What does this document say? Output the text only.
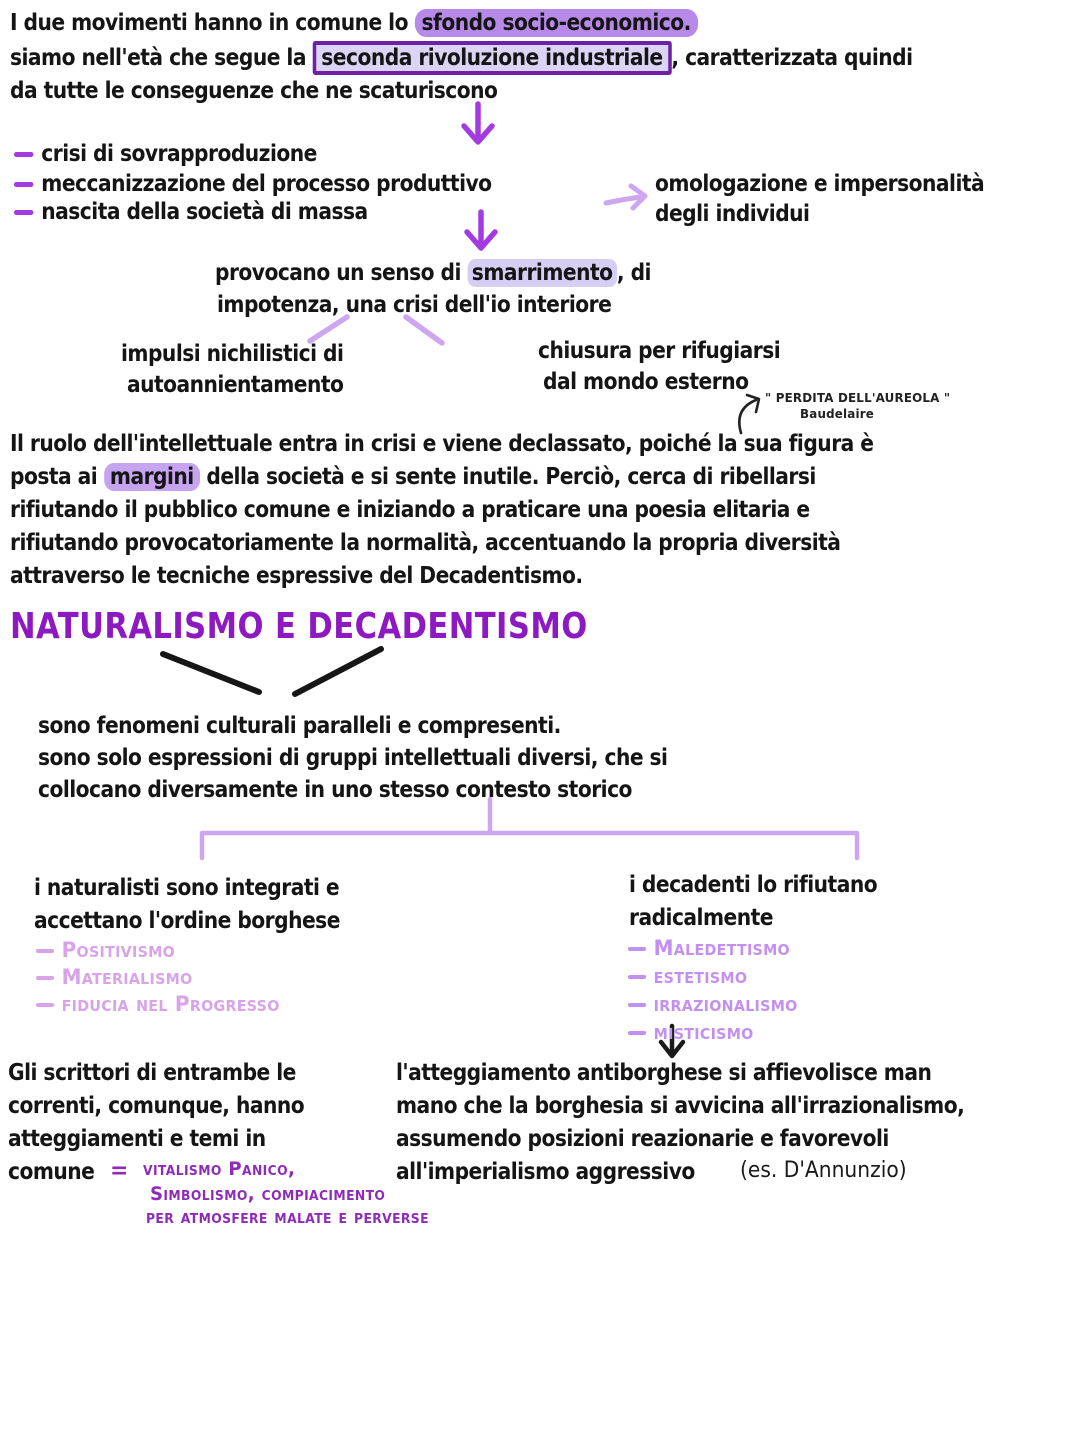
I due movimenti hanno in comune lo sfondo socio-economico.
siamo nell'età che segue la seconda rivoluzione industriale , caratterizzata quindi
da tutte le conseguenze che ne scaturiscono
crisi di sovrapproduzione
meccanizzazione del processo produttivo
nascita della società di massa
omologazione e impersonalità
degli individui
provocano un senso di smarrimento , di
impotenza, una crisi dell'io interiore
impulsi nichilistici di
autoannientamento
chiusura per rifugiarsi
dal mondo esterno
" PERDITA DELL'AUREOLA "
Baudelaire
Il ruolo dell'intellettuale entra in crisi e viene declassato, poiché la sua figura è
posta ai margini della società e si sente inutile. Perciò, cerca di ribellarsi
rifiutando il pubblico comune e iniziando a praticare una poesia elitaria e
rifiutando provocatoriamente la normalità, accentuando la propria diversità
attraverso le tecniche espressive del Decadentismo.
NATURALISMO E DECADENTISMO
sono fenomeni culturali paralleli e compresenti.
sono solo espressioni di gruppi intellettuali diversi, che si
collocano diversamente in uno stesso contesto storico
i naturalisti sono integrati e
accettano l'ordine borghese
Positivismo
Materialismo
fiducia nel Progresso
i decadenti lo rifiutano
radicalmente
Maledettismo
estetismo
irrazionalismo
misticismo
Gli scrittori di entrambe le
correnti, comunque, hanno
atteggiamenti e temi in
comune = vitalismo Panico,
Simbolismo, compiacimento
per atmosfere malate e perverse
l'atteggiamento antiborghese si affievolisce man
mano che la borghesia si avvicina all'irrazionalismo,
assumendo posizioni reazionarie e favorevoli
all'imperialismo aggressivo (es. D'Annunzio)
